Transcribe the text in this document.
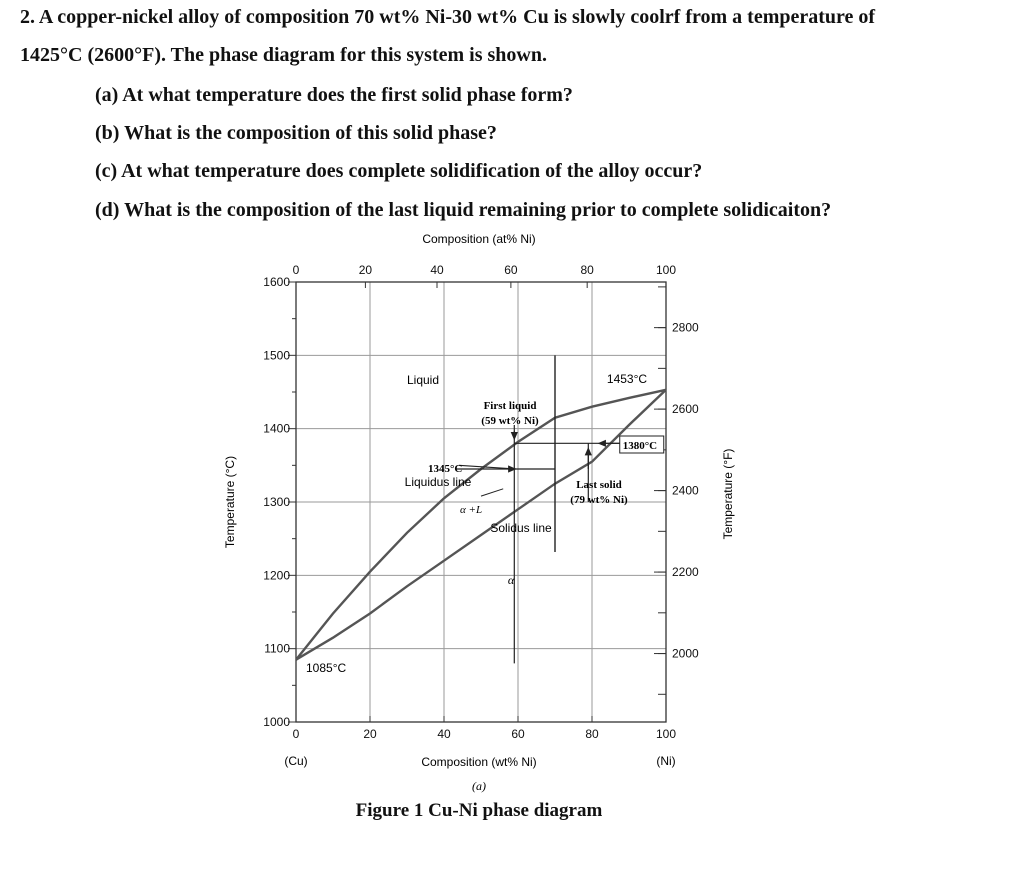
2. A copper-nickel alloy of composition 70 wt% Ni-30 wt% Cu is slowly coolrf from a temperature of

1425°C (2600°F). The phase diagram for this system is shown.

(a) At what temperature does the first solid phase form?

(b) What is the composition of this solid phase?

(c) At what temperature does complete solidification of the alloy occur?

(d) What is the composition of the last liquid remaining prior to complete solidicaiton?

1000
1100
1200
1300
1400
1500
1600
0	20	40	60	80	100
0	20	40	60	80	100
2000
2200
2400
2600
2800
Composition (at% Ni)
Composition (wt% Ni)
Temperature (°C)	Temperature (°F)
(Cu)	(Ni)
Liquid	1453°C
First liquid
(59 wt% Ni)
1345°C
Liquidus line	Last solid
(79 wt% Ni)
α +L
Solidus line
α
1085°C
(a)
1380°C
Figure 1 Cu-Ni phase diagram
